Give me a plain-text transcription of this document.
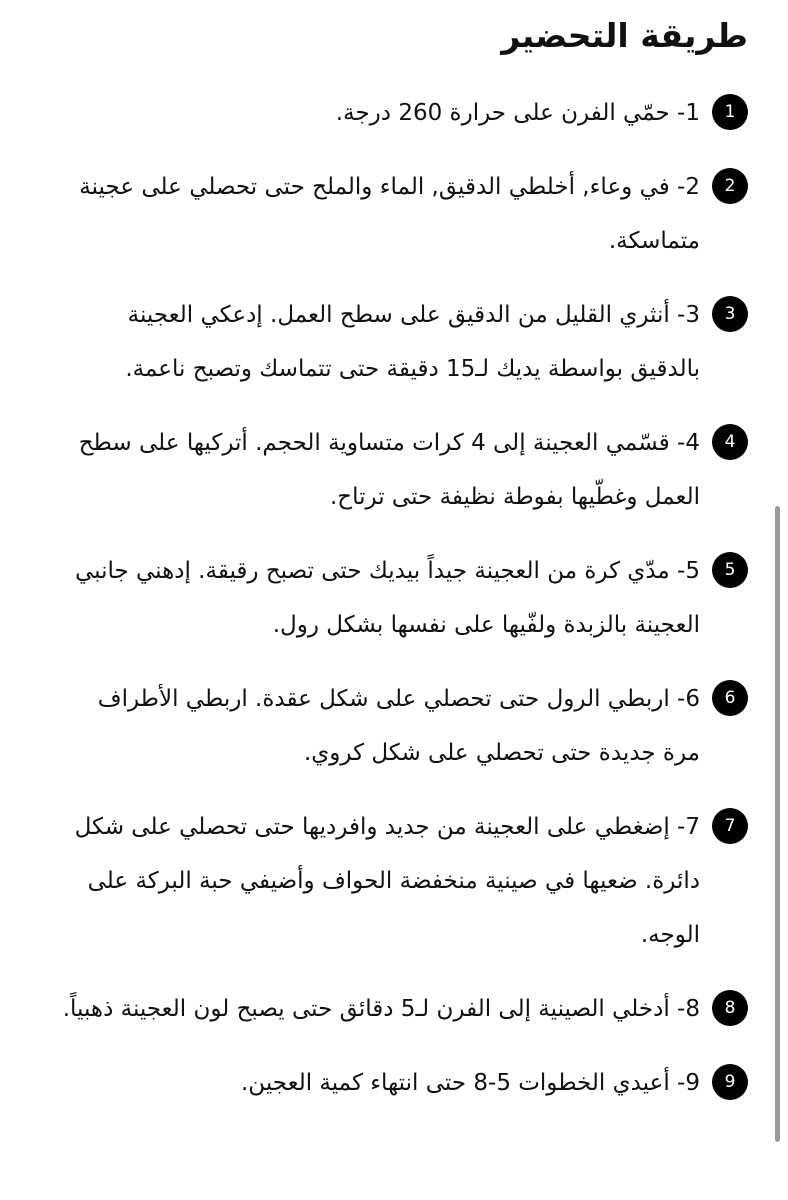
طريقة التحضير
1

1- حمّي الفرن على حرارة 260 درجة.

2

2- في وعاء, أخلطي الدقيق, الماء والملح حتى تحصلي على عجينة متماسكة.

3

3- أنثري القليل من الدقيق على سطح العمل. إدعكي العجينة بالدقيق بواسطة يديك لـ15 دقيقة حتى تتماسك وتصبح ناعمة.

4

4- قسّمي العجينة إلى 4 كرات متساوية الحجم. أتركيها على سطح العمل وغطّيها بفوطة نظيفة حتى ترتاح.

5

5- مدّي كرة من العجينة جيداً بيديك حتى تصبح رقيقة. إدهني جانبي العجينة بالزبدة ولفّيها على نفسها بشكل رول.

6

6- اربطي الرول حتى تحصلي على شكل عقدة. اربطي الأطراف مرة جديدة حتى تحصلي على شكل كروي.

7

7- إضغطي على العجينة من جديد وافرديها حتى تحصلي على شكل دائرة. ضعيها في صينية منخفضة الحواف وأضيفي حبة البركة على الوجه.

8

8- أدخلي الصينية إلى الفرن لـ5 دقائق حتى يصبح لون العجينة ذهبياً.

9

9- أعيدي الخطوات 5-8 حتى انتهاء كمية العجين.
